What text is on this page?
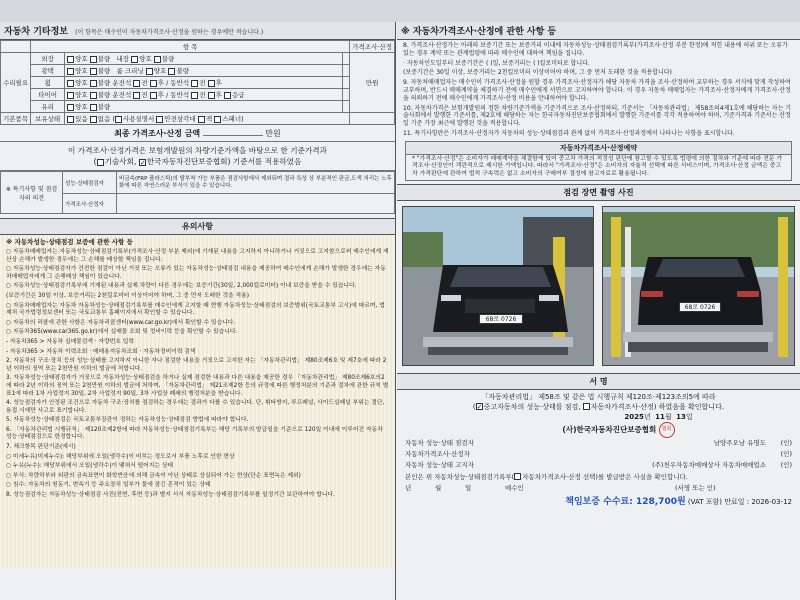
자동차 기타정보 (이 항목은 매수인이 자동차가격조사·산정을 원하는 경우에만 적습니다.)
	항 목			가격조사·산정
수리필요	외장	양호 불량 내장 양호 불량		만원
	광택	양호 불량 룸 크리닝 양호 불량		
	휠	양호 불량 운전석 전 후 / 동반석 전 후		
	타이어	양호 불량 운전석 전 후 / 동반석 전 후 응급		
	유리	양호 불량		
기본품목	보유상태	있음 없음 ( 사용설명서 안전삼각대 잭 스패너)		
최종 가격조사·산정 금액	만원
이 가격조사·산정가격은 보험개발원의 차량기준가액을 바탕으로 한 기준가격과
( 기술사회, ✓한국자동차진단보증협회) 기준서를 적용하였음
※ 특기사항 및 점검자의 의견	성능·상태점검자	비금속(FRP 플라스틱)의 탈부착 가능 부품은 점검사항에서 제외되며 결과 특성 상 부분적인 판금,도색 처리는 노후화에 따른 자연스러운 부식이 있을 수 있습니다.
	가격조사·산정자	
유의사항
※ 자동차성능·상태점검 보증에 관한 사항 등
○ 자동차매매업자는 자동차성능·상태점검기록부(가격조사·산정 부분 제외)에 기재된 내용을 고지하지 아니하거나 거짓으로 고지함으로써 매수인에게 재산상 손해가 발생한 경우에는 그 손해를 배상할 책임을 집니다.
○ 자동차성능·상태점검자가 건전한 점검이 아닌 거짓 또는 오류가 있는 자동차성능·상태점검 내용을 제공하여 매수인에게 손해가 발생한 경우에는 자동차매매업자에게 그 손해배상 책임이 있습니다.
○ 자동차성능·상태점검기록부에 기재된 내용과 실제 차량이 다른 경우에는 보증기간(30일, 2,000킬로미터) 이내 보증을 받을 수 있습니다.
(보증기간은 30일 이상, 보증거리는 2천킬로미터 이상이어야 하며, 그 중 먼저 도래한 것을 적용)
○ 자동차매매업자는 자동차 자동차성능·상태점검기록부를 매수인에게 고지할 때 현행 자동차성능·상태점검의 보증범위(국토교통부 고시)에 따르며, 법제처 국가법령정보센터 또는 국토교통부 홈페이지에서 확인할 수 있습니다.
○ 자동차의 리콜에 관한 사항은 자동차리콜센터(www.car.go.kr)에서 확인할 수 있습니다.
○ 자동차365(www.car365.go.kr)에서 실매물 조회 및 정비이력 등을 확인할 수 있습니다.
- 자동차365 > 자동차 실매물검색 · 자량번호 입력
- 자동차365 > 자동차 이력조회 · 매매용자동차조회 · 자동차정비이력 검색
2. 자동차의 구조·장치 등의 성능·상태를 고지하지 아니한 자나 점검한 내용을 거짓으로 고지한 자는 「자동차관리법」 제80조제6호 및 제7호에 따라 2년 이하의 징역 또는 2천만원 이하의 벌금에 처합니다.
3. 자동차성능·상태점검자가 거짓으로 자동차성능·상태점검을 하거나 실제 점검한 내용과 다른 내용을 제공한 경우 「자동차관리법」 제80조제6호의2에 따라 2년 이하의 징역 또는 2천만원 이하의 벌금에 처하며, 「자동차관리법」 제21조제2항 등의 규정에 따른 행정처분의 기준과 절차에 관한 규칙 별표1에 따라 1차 사업정지 30일, 2차 사업정지 90일, 3차 사업장 폐쇄의 행정처분을 받습니다.
4. 성능점검자가 안정된 조건으로 자동차 구조·장치를 점검하는 경우에는 결과가 다를 수 있습니다. 단, 휘타방지, 루프패널, 사이드실패널 부위는 절단, 용접 시에만 사고로 표기합니다.
5. 자동차성능·상태점검은 국토교통부장관이 정하는 자동차성능·상태점검 방법에 따라야 합니다.
6. 「자동차관리법 시행규칙」 제120조제2항에 따라 자동차성능·상태점검기록부는 해당 기록부의 발급일을 기준으로 120일 이내에 이루어진 자동차 성능·상태점검으로 한정합니다.
7. 체크항목 판단기준(예시)
○ 미세누유(미세누수): 해당부위에 오일(냉각수)이 비치는 정도로서 부품 노후로 인한 현상
○ 누유(누수): 해당부위에서 오일(냉각수)이 맺혀서 떨어지는 상태
○ 부식: 차량하부와 외판의 금속표면이 화학반응에 의해 금속이 아닌 상태로 상실되어 가는 현상(단순 표면녹은 제외)
○ 침수: 자동차의 원동기, 변속기 등 주요장치 일부가 물에 잠긴 흔적이 있는 상태
8. 성능점검자는 자동차성능·상태점검 사진(전면, 후면 등)과 별지 서식 자동차성능·상태점검기록부를 일정기간 보관하여야 합니다.
※ 자동차가격조사·산정에 관한 사항 등
8. 가격조사·산정가는 아래의 보증기간 또는 보증거리 이내에 자동차성능·상태점검기록부(가격조사·산정 부분 한정)에 적힌 내용에 허위 또는 오류가 있는 경우 계약 또는 관계법령에 따라 매수인에 대하여 책임을 집니다.
· 자동차인도일부터 보증기간은 ( )일, 보증거리는 ( )킬로미터로 합니다.
(보증기간은 30일 이상, 보증거리는 2천킬로미터 이상이어야 하며, 그 중 먼저 도래한 것을 적용합니다)
9. 자동차매매업자는 매수인이 가격조사·산정을 원할 경우 가격조사·산정자가 해당 자동차 가격을 조사·산정하여 교부하는 경우 서식에 맞게 작성하여 교부하며, 반드시 매매계약을 체결하기 전에 매수인에게 서면으로 고지하여야 합니다. 이 경우 자동차 매매업자는 가격조사·산정자에게 가격조사·산정을 의뢰하기 전에 매수인에게 가격조사·산정 비용을 안내하여야 합니다.
10. 자동차가격은 보험개발원의 정한 차량기준가액을 기준가격으로 조사·산정하되, 기준서는 「자동차관리법」 제58조의4제1호에 해당하는 자는 기술사회에서 발행한 기준서를, 제2호에 해당하는 자는 한국자동차진단보증협회에서 발행한 기준서를 각각 적용하여야 하며, 기준가격과 기준서는 산정일 기준 가장 최근에 발행된 것을 적용합니다.
11. 특기사항란은 가격조사·산정자가 자동차의 성능·상태점검과 관계 없이 가격조사·산정과정에서 나타나는 사항을 표시합니다.
자동차가격조사·산정예약
* "가격조사·산정"은 소비자가 매매계약을 체결함에 있어 중고차 가격의 적정성 판단에 참고할 수 있도록 법령에 의한 절차와 기준에 따라 전문 가격조사·산정인이 객관적으로 제시한 가액입니다. 따라서 "가격조사·산정"은 소비자의 자율적 선택에 따른 서비스이며, 가격조사·산정 금액은 중고차 가격판단에 관하여 법적 구속력은 없고 소비자의 구매여부 결정에 참고자료로 활용됩니다.
점검 장면 촬영 사진
68로 0726
68로 0726
서 명
「자동차관리법」 제58조 및 같은 법 시행규칙 제120조·제123조의5에 따라
( ✓ 중고자동차의 성능·상태를 점검, 자동차가격조사·산정) 하였음을 확인합니다.
2025년 11월 13일
(사)한국자동차진단보증협회 협회
자동차 성능·상태 점검자	남양주오남 유명도	(인)
자동차가격조사·산정자	(인)
자동차 성능·상태 고지자	(주)천우자동차매매상사 자동차매매업소	(인)
본인은 위 자동차성능·상태점검기록부( 자동차가격조사·산정 선택)를 발급받은 사실을 확인합니다.
년	월	일	매수인	(서명 또는 인)
책임보증 수수료: 128,700원 (VAT 포함) 만료일 : 2026-03-12
